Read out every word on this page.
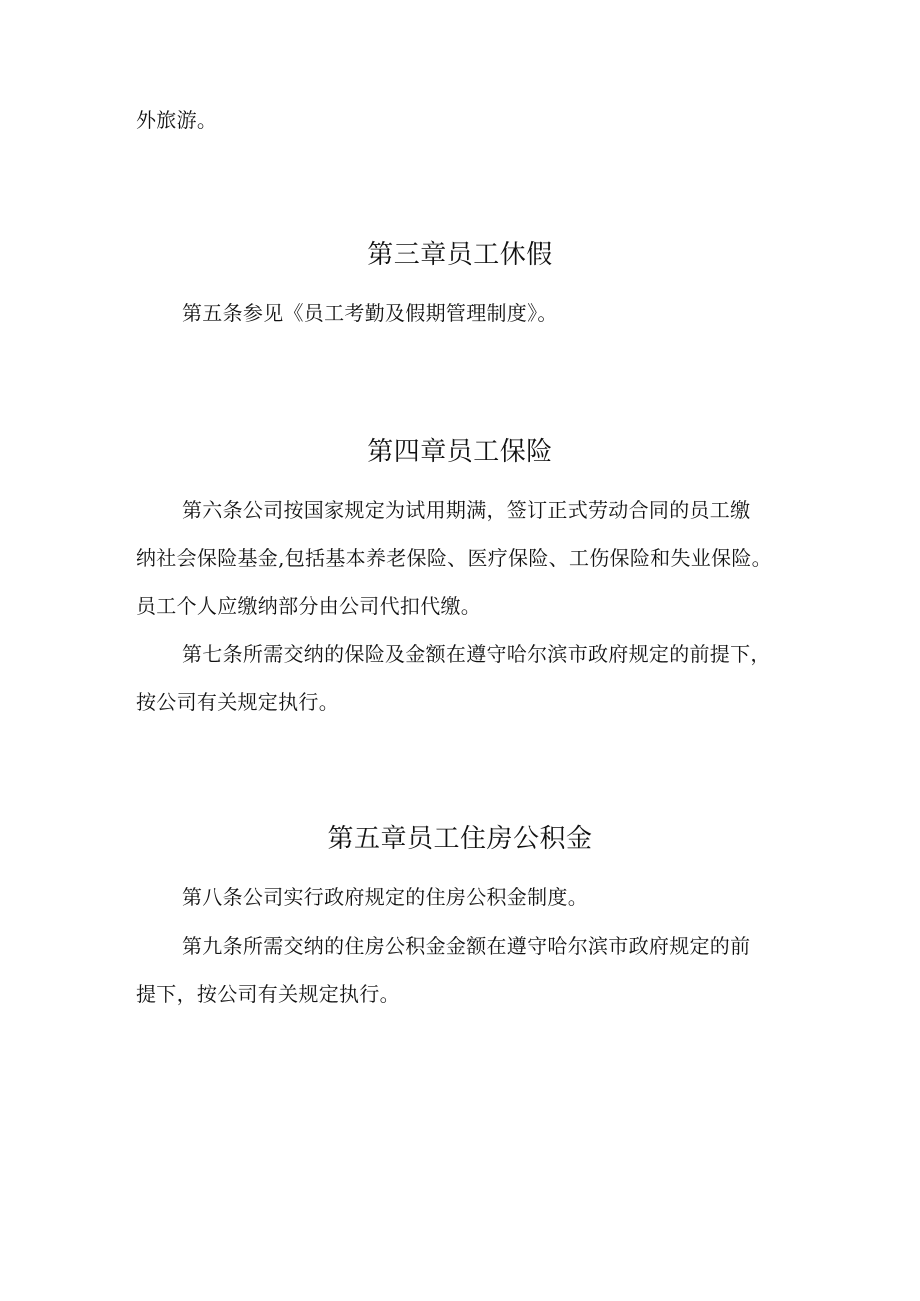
外旅游。
第三章员工休假
第五条参见《员工考勤及假期管理制度》。
第四章员工保险
第六条公司按国家规定为试用期满，签订正式劳动合同的员工缴
纳社会保险基金,包括基本养老保险、医疗保险、工伤保险和失业保险。
员工个人应缴纳部分由公司代扣代缴。
第七条所需交纳的保险及金额在遵守哈尔滨市政府规定的前提下，
按公司有关规定执行。
第五章员工住房公积金
第八条公司实行政府规定的住房公积金制度。
第九条所需交纳的住房公积金金额在遵守哈尔滨市政府规定的前
提下，按公司有关规定执行。
